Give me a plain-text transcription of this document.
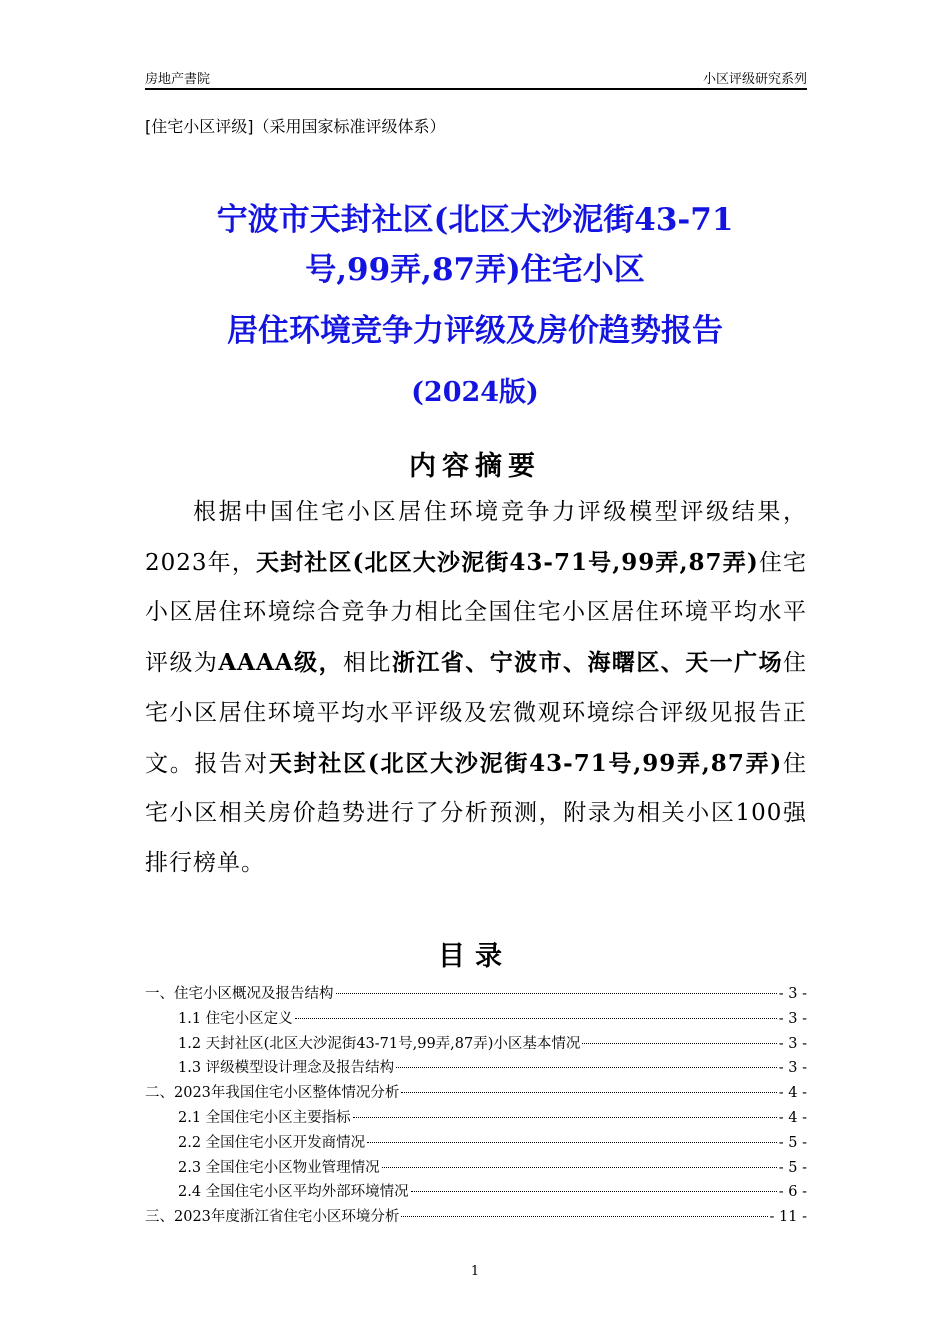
房地产書院	小区评级研究系列
[住宅小区评级]（采用国家标准评级体系）
宁波市天封社区(北区大沙泥街43-71
号,99弄,87弄)住宅小区
居住环境竞争力评级及房价趋势报告
(2024版)
内容摘要
根据中国住宅小区居住环境竞争力评级模型评级结果，2023年，天封社区(北区大沙泥街43-71号,99弄,87弄)住宅小区居住环境综合竞争力相比全国住宅小区居住环境平均水平评级为AAAA级，相比浙江省、宁波市、海曙区、天一广场住宅小区居住环境平均水平评级及宏微观环境综合评级见报告正文。报告对天封社区(北区大沙泥街43-71号,99弄,87弄)住宅小区相关房价趋势进行了分析预测，附录为相关小区100强排行榜单。
目录
一、住宅小区概况及报告结构	- 3 -
1.1 住宅小区定义	- 3 -
1.2 天封社区(北区大沙泥街43-71号,99弄,87弄)小区基本情况	- 3 -
1.3 评级模型设计理念及报告结构	- 3 -
二、2023年我国住宅小区整体情况分析	- 4 -
2.1 全国住宅小区主要指标	- 4 -
2.2 全国住宅小区开发商情况	- 5 -
2.3 全国住宅小区物业管理情况	- 5 -
2.4 全国住宅小区平均外部环境情况	- 6 -
三、2023年度浙江省住宅小区环境分析	- 11 -
1
